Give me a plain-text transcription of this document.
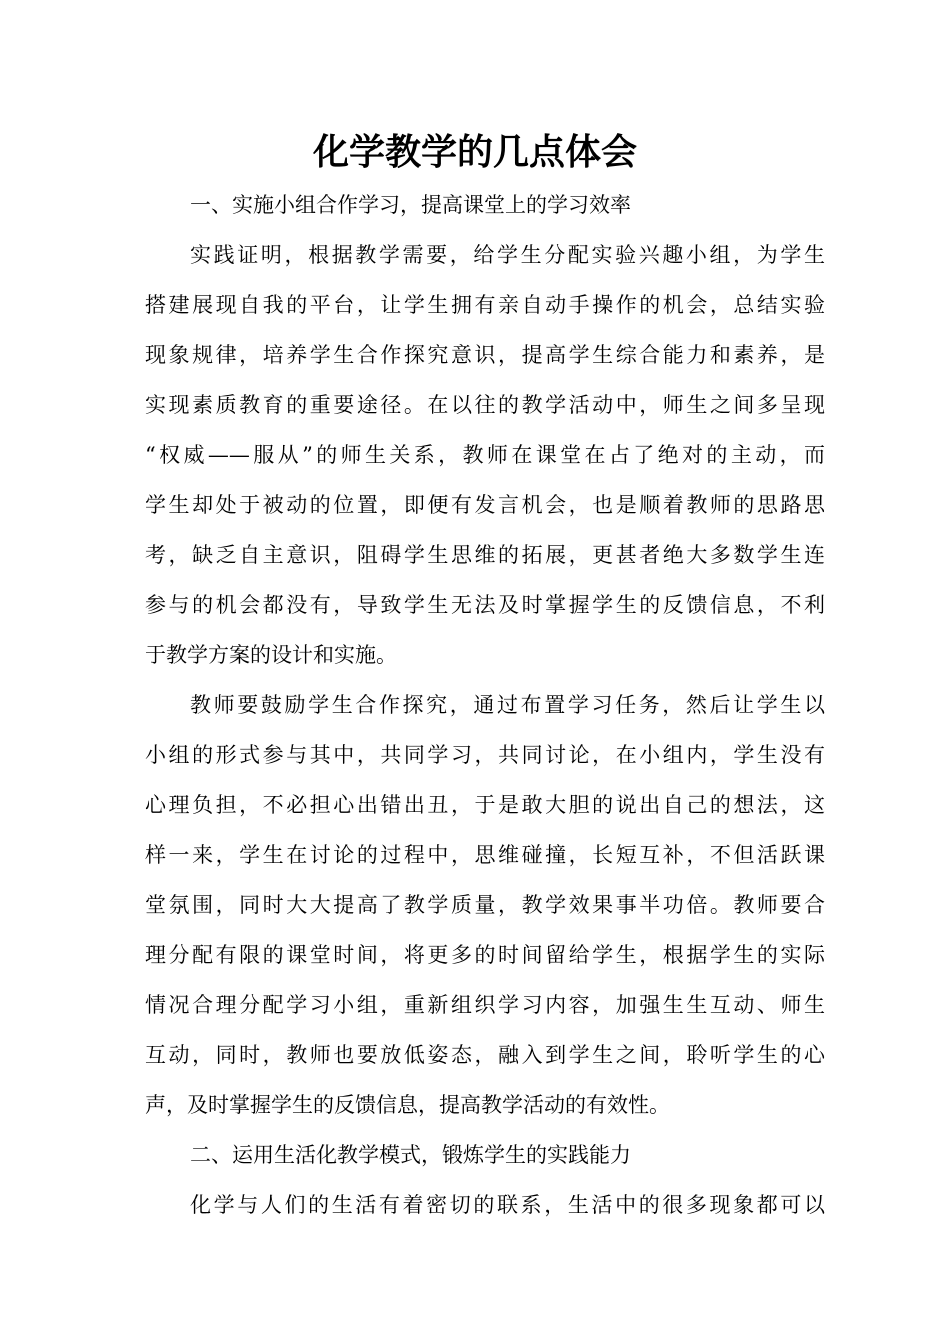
化学教学的几点体会
一、实施小组合作学习，提高课堂上的学习效率
实践证明，根据教学需要，给学生分配实验兴趣小组，为学生
搭建展现自我的平台，让学生拥有亲自动手操作的机会，总结实验
现象规律，培养学生合作探究意识，提高学生综合能力和素养，是
实现素质教育的重要途径。在以往的教学活动中，师生之间多呈现
“权威——服从”的师生关系，教师在课堂在占了绝对的主动，而
学生却处于被动的位置，即便有发言机会，也是顺着教师的思路思
考，缺乏自主意识，阻碍学生思维的拓展，更甚者绝大多数学生连
参与的机会都没有，导致学生无法及时掌握学生的反馈信息，不利
于教学方案的设计和实施。
教师要鼓励学生合作探究，通过布置学习任务，然后让学生以
小组的形式参与其中，共同学习，共同讨论，在小组内，学生没有
心理负担，不必担心出错出丑，于是敢大胆的说出自己的想法，这
样一来，学生在讨论的过程中，思维碰撞，长短互补，不但活跃课
堂氛围，同时大大提高了教学质量，教学效果事半功倍。教师要合
理分配有限的课堂时间，将更多的时间留给学生，根据学生的实际
情况合理分配学习小组，重新组织学习内容，加强生生互动、师生
互动，同时，教师也要放低姿态，融入到学生之间，聆听学生的心
声，及时掌握学生的反馈信息，提高教学活动的有效性。
二、运用生活化教学模式，锻炼学生的实践能力
化学与人们的生活有着密切的联系，生活中的很多现象都可以
